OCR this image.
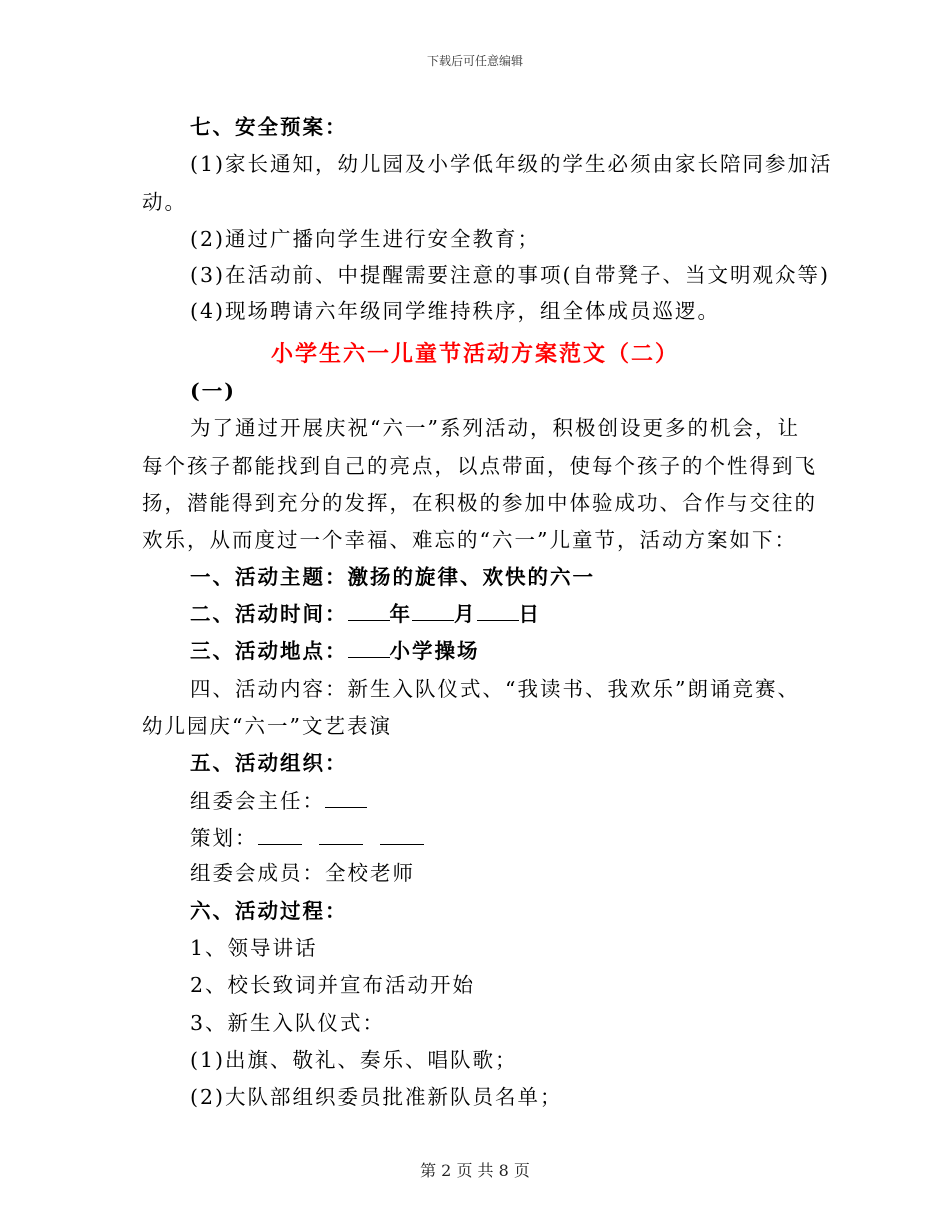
下载后可任意编辑
七、安全预案：
(1)家长通知，幼儿园及小学低年级的学生必须由家长陪同参加活
动。
(2)通过广播向学生进行安全教育；
(3)在活动前、中提醒需要注意的事项(自带凳子、当文明观众等)
(4)现场聘请六年级同学维持秩序，组全体成员巡逻。
小学生六一儿童节活动方案范文（二）
(一)
为了通过开展庆祝“六一”系列活动，积极创设更多的机会，让
每个孩子都能找到自己的亮点，以点带面，使每个孩子的个性得到飞
扬，潜能得到充分的发挥，在积极的参加中体验成功、合作与交往的
欢乐，从而度过一个幸福、难忘的“六一”儿童节，活动方案如下：
一、活动主题：激扬的旋律、欢快的六一
二、活动时间： 年 月 日
三、活动地点： 小学操场
四、活动内容：新生入队仪式、“我读书、我欢乐”朗诵竞赛、
幼儿园庆“六一”文艺表演
五、活动组织：
组委会主任：
策划：
组委会成员：全校老师
六、活动过程：
1、领导讲话
2、校长致词并宣布活动开始
3、新生入队仪式：
(1)出旗、敬礼、奏乐、唱队歌；
(2)大队部组织委员批准新队员名单；
第 2 页 共 8 页
